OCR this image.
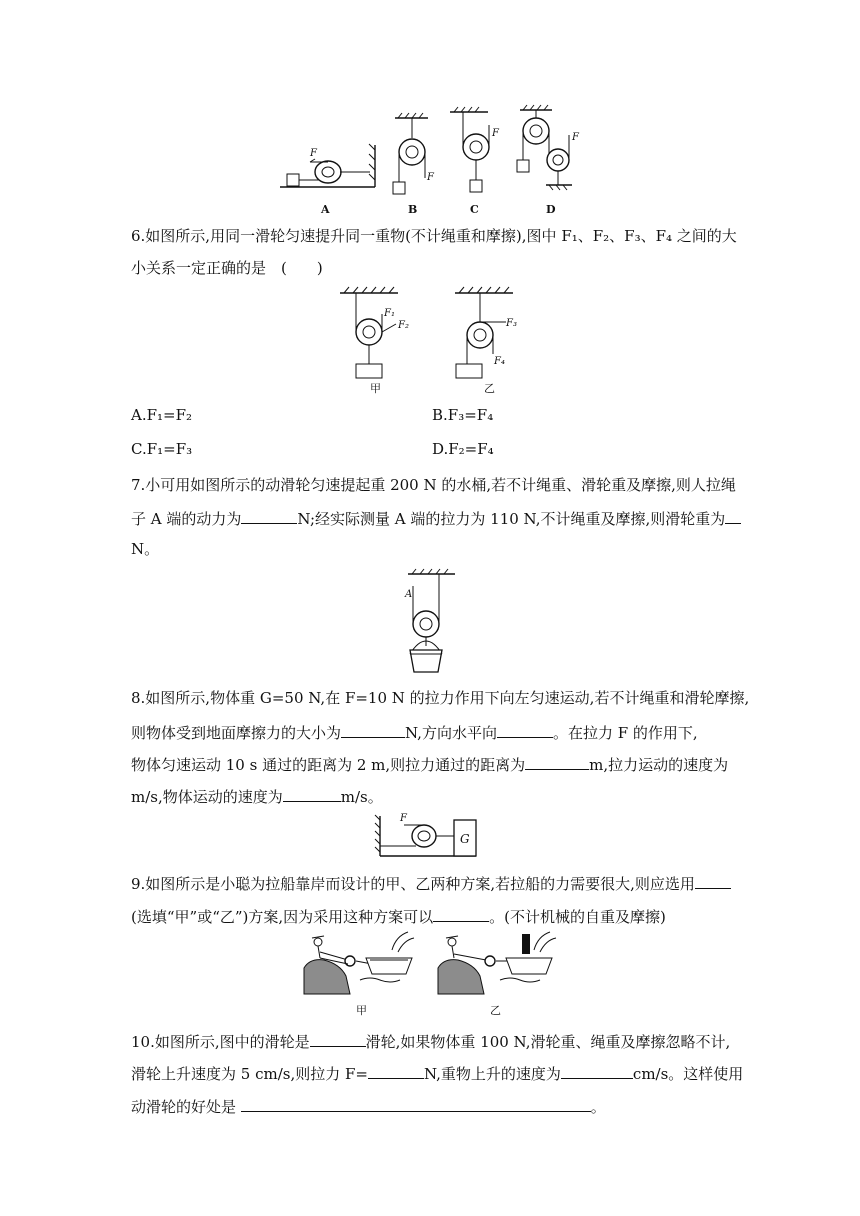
F
A
F
B
F
C
F
D
6.如图所示,用同一滑轮匀速提升同一重物(不计绳重和摩擦),图中 F₁、F₂、F₃、F₄ 之间的大
小关系一定正确的是　(　　)
F₁
F₂
甲
F₃
F₄
乙
A.F₁=F₂	B.F₃=F₄
C.F₁=F₃	D.F₂=F₄
7.小可用如图所示的动滑轮匀速提起重 200 N 的水桶,若不计绳重、滑轮重及摩擦,则人拉绳
子 A 端的动力为	N;经实际测量 A 端的拉力为 110 N,不计绳重及摩擦,则滑轮重为
N。
A
8.如图所示,物体重 G=50 N,在 F=10 N 的拉力作用下向左匀速运动,若不计绳重和滑轮摩擦,
则物体受到地面摩擦力的大小为	N,方向水平向	。在拉力 F 的作用下,
物体匀速运动 10 s 通过的距离为 2 m,则拉力通过的距离为	m,拉力运动的速度为
m/s,物体运动的速度为	m/s。
F
G
9.如图所示是小聪为拉船靠岸而设计的甲、乙两种方案,若拉船的力需要很大,则应选用
(选填“甲”或“乙”)方案,因为采用这种方案可以	。(不计机械的自重及摩擦)
甲	乙
10.如图所示,图中的滑轮是	滑轮,如果物体重 100 N,滑轮重、绳重及摩擦忽略不计,
滑轮上升速度为 5 cm/s,则拉力 F=	N,重物上升的速度为	cm/s。这样使用
动滑轮的好处是	。
